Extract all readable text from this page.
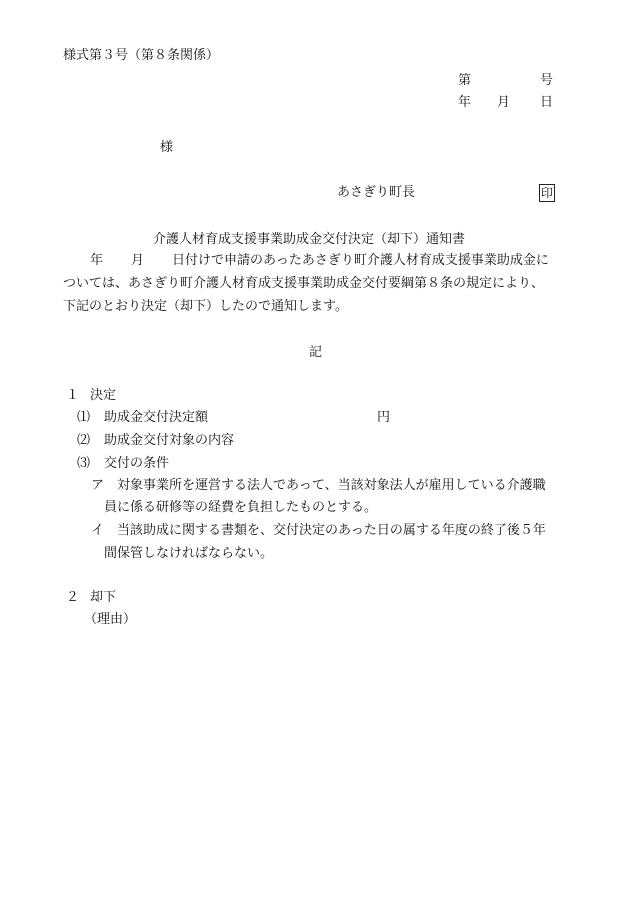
様式第３号（第８条関係）
第	号
年 月 日
様
あさぎり町長	印
介護人材育成支援事業助成金交付決定（却下）通知書
年 月 日付けで申請のあったあさぎり町介護人材育成支援事業助成金に
ついては、あさぎり町介護人材育成支援事業助成金交付要綱第８条の規定により、
下記のとおり決定（却下）したので通知します。
記
１ 決定
⑴ 助成金交付決定額	円
⑵ 助成金交付対象の内容
⑶ 交付の条件
ア 対象事業所を運営する法人であって、当該対象法人が雇用している介護職
員に係る研修等の経費を負担したものとする。
イ 当該助成に関する書類を、交付決定のあった日の属する年度の終了後５年
間保管しなければならない。
２ 却下
（理由）
